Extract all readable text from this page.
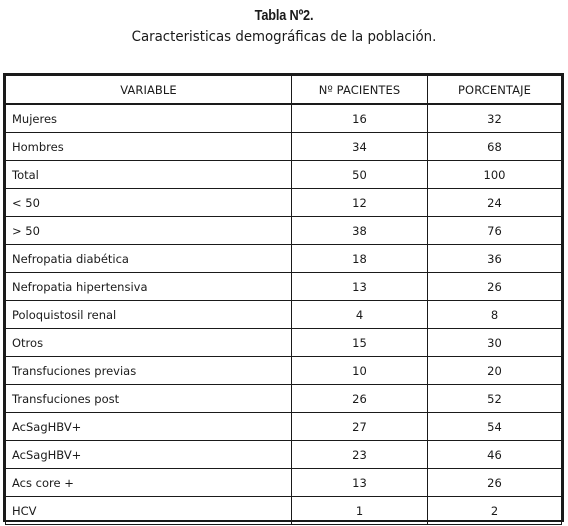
Tabla Nº2.
Caracteristicas demográficas de la población.
VARIABLE	Nº PACIENTES	PORCENTAJE
Mujeres	16	32
Hombres	34	68
Total	50	100
< 50	12	24
> 50	38	76
Nefropatia diabética	18	36
Nefropatia hipertensiva	13	26
Poloquistosil renal	4	8
Otros	15	30
Transfuciones previas	10	20
Transfuciones post	26	52
AcSagHBV+	27	54
AcSagHBV+	23	46
Acs core +	13	26
HCV	1	2
